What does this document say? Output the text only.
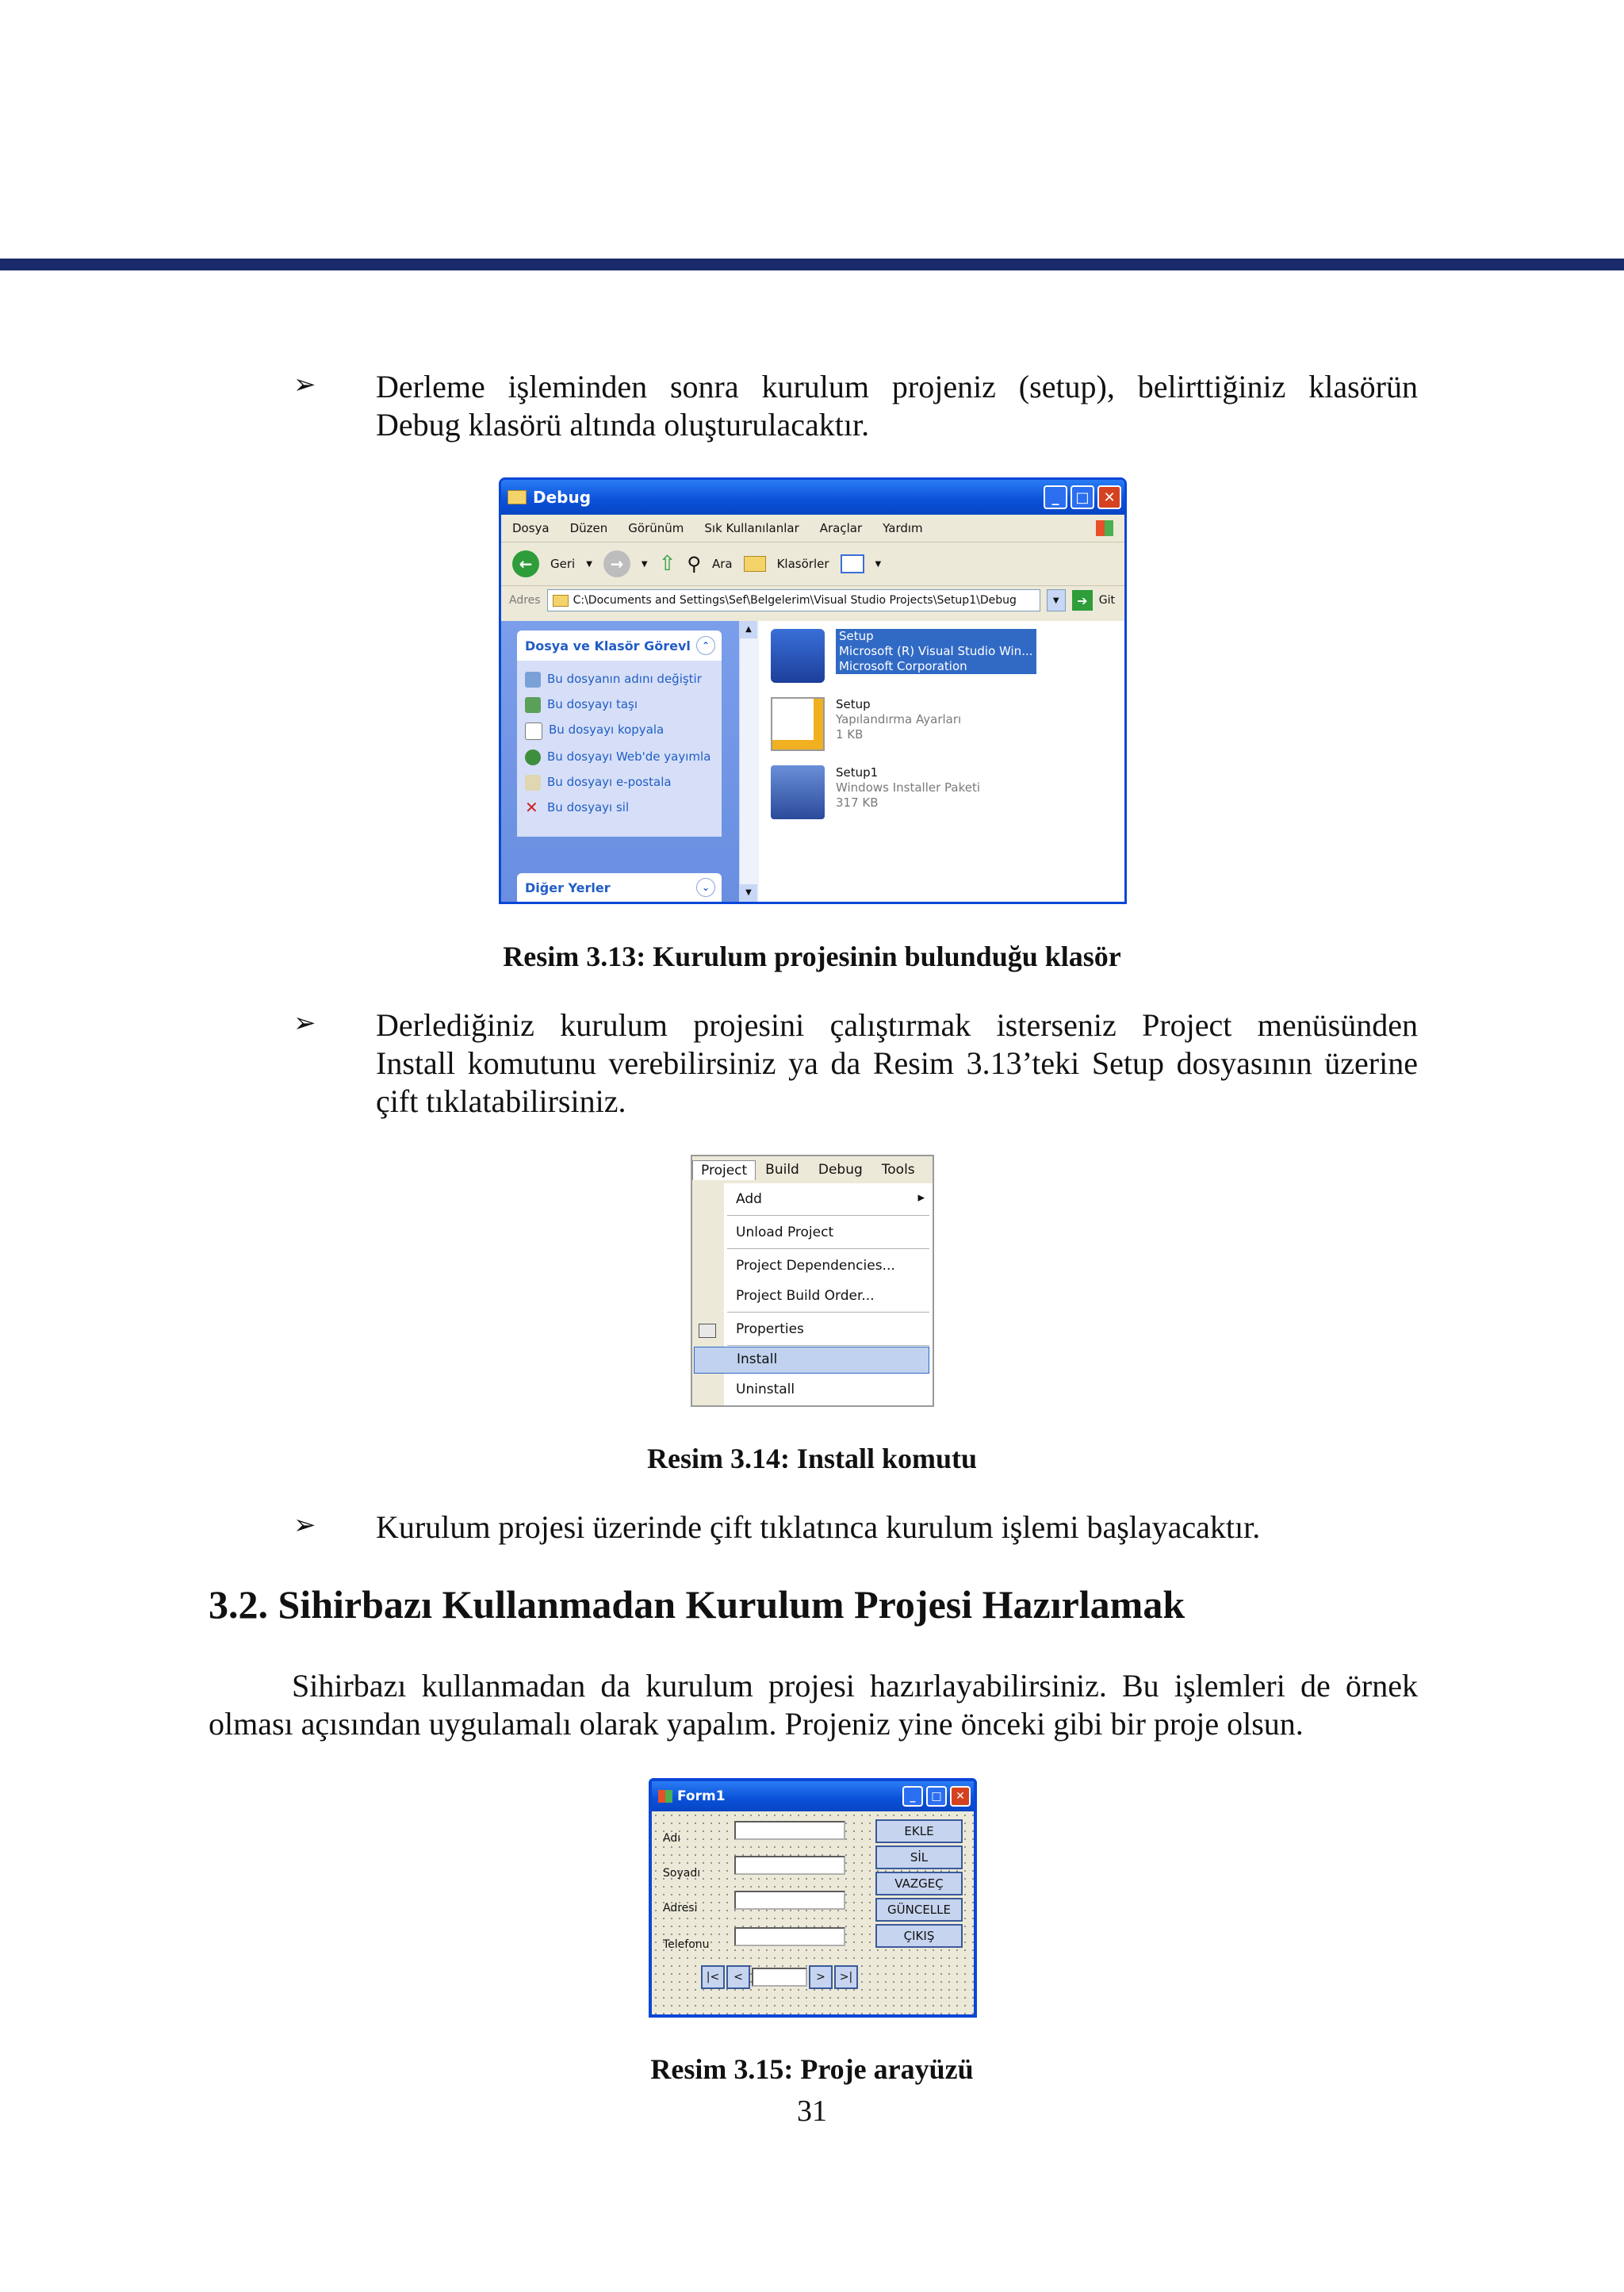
➢ Derleme işleminden sonra kurulum projeniz (setup), belirttiğiniz klasörün
Debug klasörü altında oluşturulacaktır.
Debug	_	□ ✕
Dosya Düzen Görünüm Sık Kullanılanlar Araçlar Yardım
←	Geri ▼	→	▼ ⇧ ⚲ Ara	Klasörler	▼
Adres	C:\Documents and Settings\Sef\Belgelerim\Visual Studio Projects\Setup1\Debug	▼	➔	Git
Dosya ve Klasör Görevl	⌃
Bu dosyanın adını değiştir
Bu dosyayı taşı
Bu dosyayı kopyala
Bu dosyayı Web'de yayımla
Bu dosyayı e-postala
✕ Bu dosyayı sil
Diğer Yerler	⌄
▲
▼
Setup
Microsoft (R) Visual Studio Win...
Microsoft Corporation
Setup
Yapılandırma Ayarları
1 KB
Setup1
Windows Installer Paketi
317 KB
Resim 3.13: Kurulum projesinin bulunduğu klasör
➢ Derlediğiniz kurulum projesini çalıştırmak isterseniz Project menüsünden
Install komutunu verebilirsiniz ya da Resim 3.13’teki Setup dosyasının üzerine
çift tıklatabilirsiniz.
Project	Build	Debug	Tools
Add	▸
Unload Project
Project Dependencies...
Project Build Order...
Properties
Install
Uninstall
Resim 3.14: Install komutu
➢ Kurulum projesi üzerinde çift tıklatınca kurulum işlemi başlayacaktır.
3.2. Sihirbazı Kullanmadan Kurulum Projesi Hazırlamak
Sihirbazı kullanmadan da kurulum projesi hazırlayabilirsiniz. Bu işlemleri de örnek
olması açısından uygulamalı olarak yapalım. Projeniz yine önceki gibi bir proje olsun.
Form1	_	□	✕
Adı
Soyadı
Adresi
Telefonu
EKLE
SİL
VAZGEÇ
GÜNCELLE
ÇIKIŞ
|<	<	>	>|
Resim 3.15: Proje arayüzü
31
